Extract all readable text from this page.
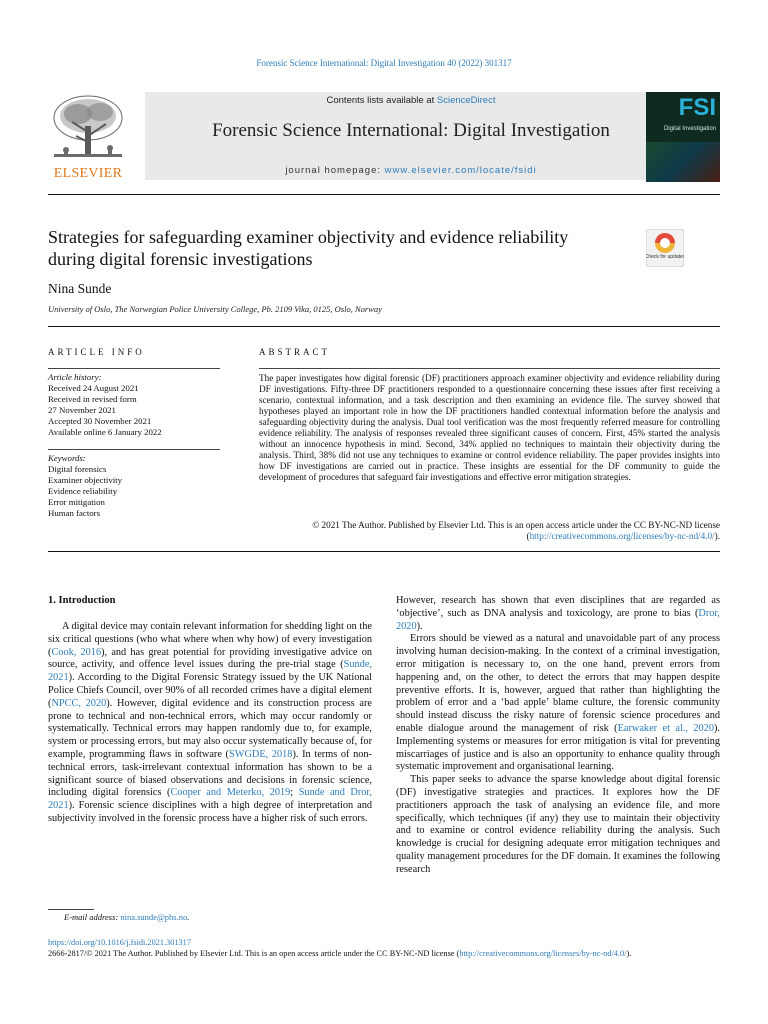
Forensic Science International: Digital Investigation 40 (2022) 301317
ELSEVIER
Contents lists available at ScienceDirect
Forensic Science International: Digital Investigation
journal homepage: www.elsevier.com/locate/fsidi
FSI
Digital Investigation
Strategies for safeguarding examiner objectivity and evidence reliability during digital forensic investigations	Check for updates
Nina Sunde
University of Oslo, The Norwegian Police University College, Pb. 2109 Vika, 0125, Oslo, Norway
ARTICLE INFO
Article history:
Received 24 August 2021
Received in revised form
27 November 2021
Accepted 30 November 2021
Available online 6 January 2022
Keywords:
Digital forensics
Examiner objectivity
Evidence reliability
Error mitigation
Human factors
ABSTRACT

The paper investigates how digital forensic (DF) practitioners approach examiner objectivity and evidence reliability during DF investigations. Fifty-three DF practitioners responded to a questionnaire concerning these issues after first receiving a scenario, contextual information, and a task description and then examining an evidence file. The survey showed that hypotheses played an important role in how the DF practitioners handled contextual information before the analysis and safeguarding objectivity during the analysis. Dual tool verification was the most frequently referred measure for controlling evidence reliability. The analysis of responses revealed three significant causes of concern. First, 45% started the analysis without an innocence hypothesis in mind. Second, 34% applied no techniques to maintain their objectivity during the analysis. Third, 38% did not use any techniques to examine or control evidence reliability. The paper provides insights into how DF investigations are carried out in practice. These insights are essential for the DF community to guide the development of procedures that safeguard fair investigations and effective error mitigation strategies.

© 2021 The Author. Published by Elsevier Ltd. This is an open access article under the CC BY-NC-ND license (http://creativecommons.org/licenses/by-nc-nd/4.0/).

1. Introduction

A digital device may contain relevant information for shedding light on the six critical questions (who what where when why how) of every investigation (Cook, 2016), and has great potential for providing investigative advice on source, activity, and offence level issues during the pre-trial stage (Sunde, 2021). According to the Digital Forensic Strategy issued by the UK National Police Chiefs Council, over 90% of all recorded crimes have a digital element (NPCC, 2020). However, digital evidence and its construction process are prone to technical and non-technical errors, which may occur randomly or systematically. Technical errors may happen randomly due to, for example, system or processing errors, but may also occur systematically because of, for example, programming flaws in software (SWGDE, 2018). In terms of non-technical errors, task-irrelevant contextual information has shown to be a significant source of biased observations and decisions in forensic science, including digital forensics (Cooper and Meterko, 2019; Sunde and Dror, 2021). Forensic science disciplines with a high degree of interpretation and subjectivity involved in the forensic process have a higher risk of such errors.

However, research has shown that even disciplines that are regarded as ‘objective’, such as DNA analysis and toxicology, are prone to bias (Dror, 2020).

Errors should be viewed as a natural and unavoidable part of any process involving human decision-making. In the context of a criminal investigation, error mitigation is necessary to, on the one hand, prevent errors from happening and, on the other, to detect the errors that may happen despite preventive efforts. It is, however, argued that rather than highlighting the problem of error and a ‘bad apple’ blame culture, the forensic community should instead discuss the risky nature of forensic science procedures and enable dialogue around the management of risk (Earwaker et al., 2020). Implementing systems or measures for error mitigation is vital for preventing miscarriages of justice and is also an opportunity to enhance quality through systematic improvement and organisational learning.

This paper seeks to advance the sparse knowledge about digital forensic (DF) investigative strategies and practices. It explores how the DF practitioners approach the task of analysing an evidence file, and more specifically, which techniques (if any) they use to maintain their objectivity and to examine or control evidence reliability during the analysis. Such knowledge is crucial for designing adequate error mitigation techniques and quality management procedures for the DF domain. It examines the following research

E-mail address: nina.sunde@phs.no.
https://doi.org/10.1016/j.fsidi.2021.301317
2666-2817/© 2021 The Author. Published by Elsevier Ltd. This is an open access article under the CC BY-NC-ND license (http://creativecommons.org/licenses/by-nc-nd/4.0/).
